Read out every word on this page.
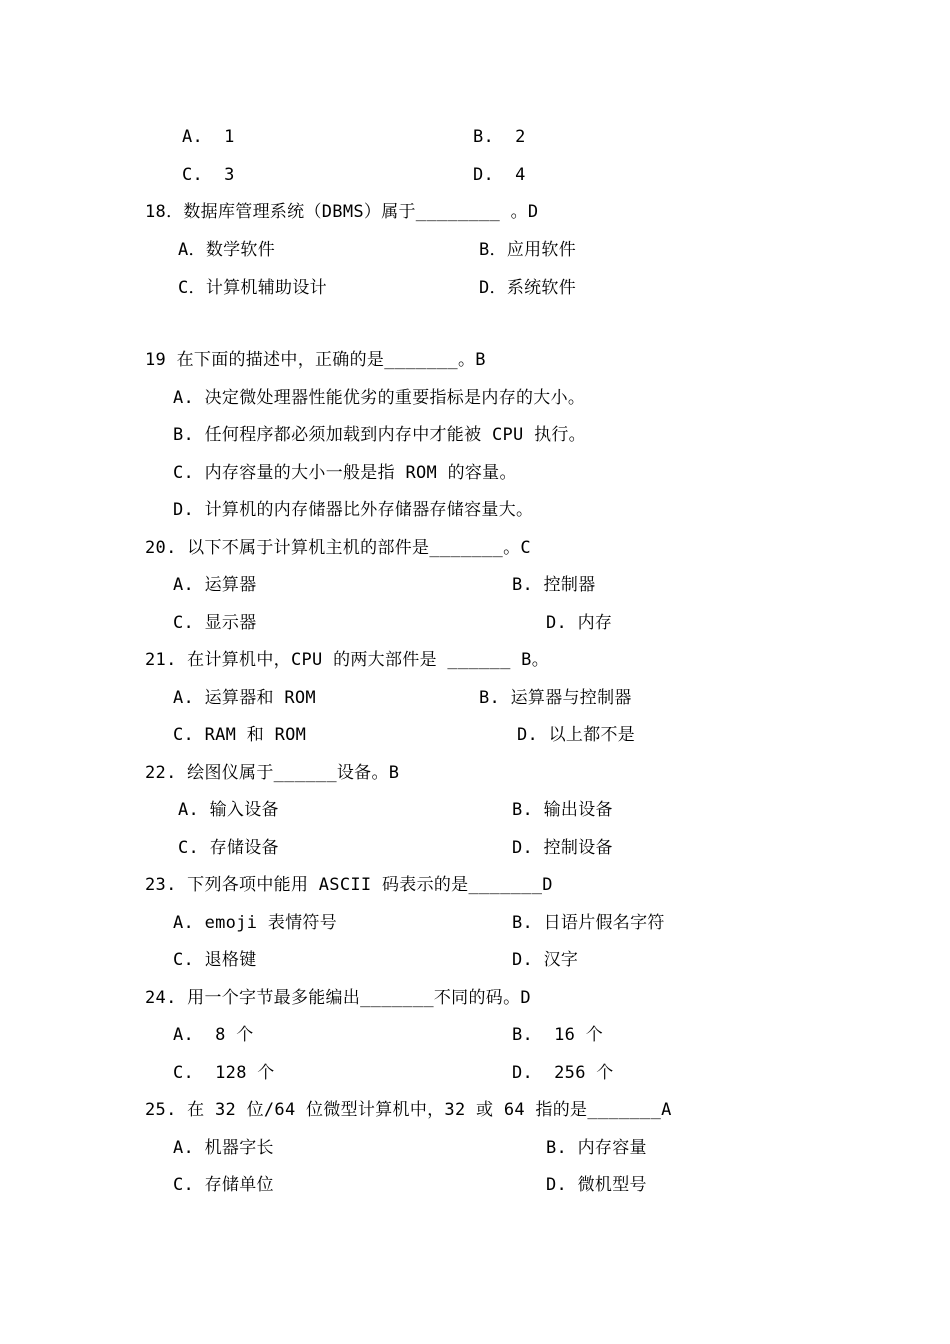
A.  1	B.  2
C.  3	D.  4
18．数据库管理系统（DBMS）属于________ 。D
A．数学软件	B．应用软件
C．计算机辅助设计	D．系统软件
19 在下面的描述中，正确的是_______。B
A. 决定微处理器性能优劣的重要指标是内存的大小。
B. 任何程序都必须加载到内存中才能被 CPU 执行。
C. 内存容量的大小一般是指 ROM 的容量。
D. 计算机的内存储器比外存储器存储容量大。
20. 以下不属于计算机主机的部件是_______。C
A. 运算器	B. 控制器
C. 显示器	D. 内存
21. 在计算机中，CPU 的两大部件是 ______ B。
A. 运算器和 ROM	B. 运算器与控制器
C. RAM 和 ROM	D. 以上都不是
22. 绘图仪属于______设备。B
A. 输入设备	B. 输出设备
C. 存储设备	D. 控制设备
23. 下列各项中能用 ASCII 码表示的是_______D
A. emoji 表情符号	B. 日语片假名字符
C. 退格键	D. 汉字
24. 用一个字节最多能编出_______不同的码。D
A.  8 个	B.  16 个
C.  128 个	D.  256 个
25. 在 32 位/64 位微型计算机中，32 或 64 指的是_______A
A. 机器字长	B. 内存容量
C. 存储单位	D. 微机型号
